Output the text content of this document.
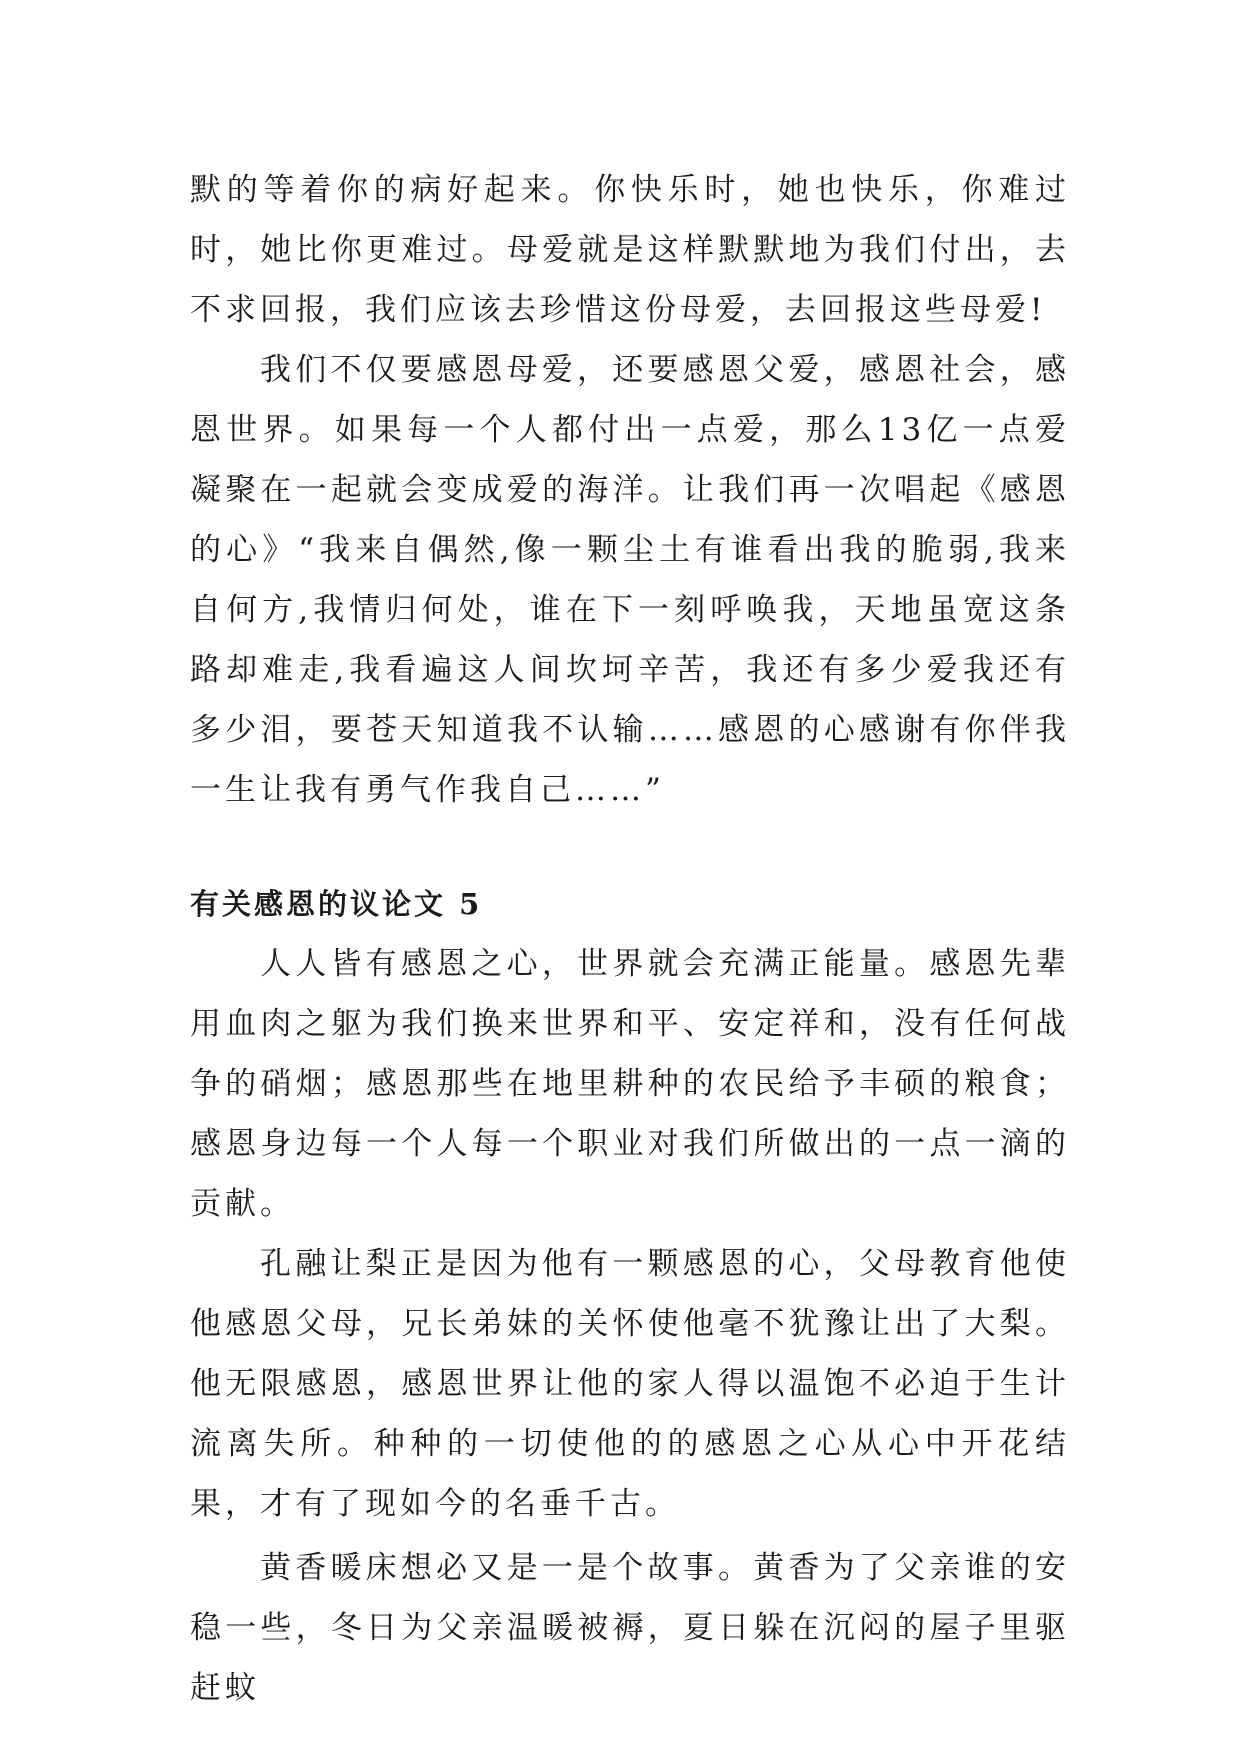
默的等着你的病好起来。你快乐时，她也快乐，你难过时，她比你更难过。母爱就是这样默默地为我们付出，去不求回报，我们应该去珍惜这份母爱，去回报这些母爱!

我们不仅要感恩母爱，还要感恩父爱，感恩社会，感恩世界。如果每一个人都付出一点爱，那么13亿一点爱凝聚在一起就会变成爱的海洋。让我们再一次唱起《感恩的心》“我来自偶然,像一颗尘土有谁看出我的脆弱,我来自何方,我情归何处，谁在下一刻呼唤我，天地虽宽这条路却难走,我看遍这人间坎坷辛苦，我还有多少爱我还有多少泪，要苍天知道我不认输……感恩的心感谢有你伴我一生让我有勇气作我自己……”

有关感恩的议论文 5

人人皆有感恩之心，世界就会充满正能量。感恩先辈用血肉之躯为我们换来世界和平、安定祥和，没有任何战争的硝烟；感恩那些在地里耕种的农民给予丰硕的粮食；感恩身边每一个人每一个职业对我们所做出的一点一滴的贡献。

孔融让梨正是因为他有一颗感恩的心，父母教育他使他感恩父母，兄长弟妹的关怀使他毫不犹豫让出了大梨。他无限感恩，感恩世界让他的家人得以温饱不必迫于生计流离失所。种种的一切使他的的感恩之心从心中开花结果，才有了现如今的名垂千古。

黄香暖床想必又是一是个故事。黄香为了父亲谁的安稳一些，冬日为父亲温暖被褥，夏日躲在沉闷的屋子里驱赶蚊
